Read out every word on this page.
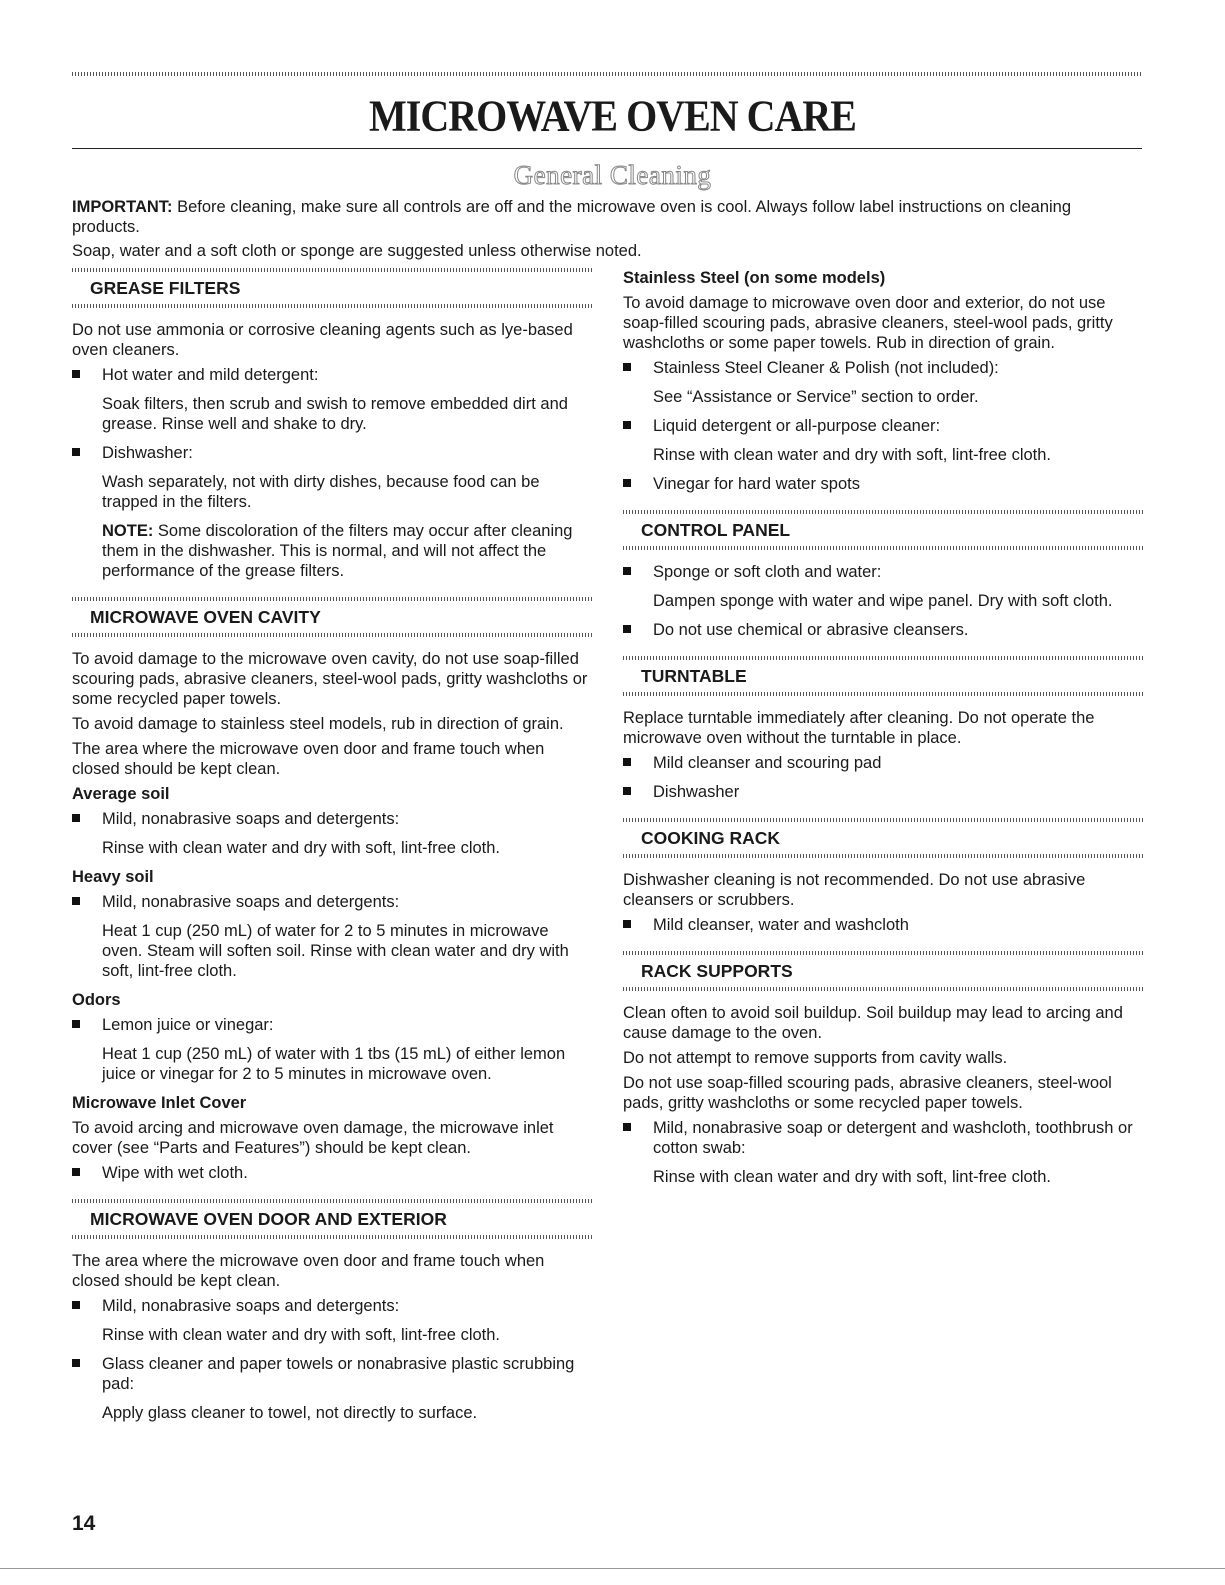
MICROWAVE OVEN CARE
General Cleaning

IMPORTANT: Before cleaning, make sure all controls are off and the microwave oven is cool. Always follow label instructions on cleaning products.

Soap, water and a soft cloth or sponge are suggested unless otherwise noted.

GREASE FILTERS

Do not use ammonia or corrosive cleaning agents such as lye-based oven cleaners.

Hot water and mild detergent:
Soak filters, then scrub and swish to remove embedded dirt and grease. Rinse well and shake to dry.
Dishwasher:
Wash separately, not with dirty dishes, because food can be trapped in the filters.
NOTE: Some discoloration of the filters may occur after cleaning them in the dishwasher. This is normal, and will not affect the performance of the grease filters.
MICROWAVE OVEN CAVITY

To avoid damage to the microwave oven cavity, do not use soap-filled scouring pads, abrasive cleaners, steel-wool pads, gritty washcloths or some recycled paper towels.

To avoid damage to stainless steel models, rub in direction of grain.

The area where the microwave oven door and frame touch when closed should be kept clean.

Average soil
Mild, nonabrasive soaps and detergents:
Rinse with clean water and dry with soft, lint-free cloth.
Heavy soil
Mild, nonabrasive soaps and detergents:
Heat 1 cup (250 mL) of water for 2 to 5 minutes in microwave oven. Steam will soften soil. Rinse with clean water and dry with soft, lint-free cloth.
Odors
Lemon juice or vinegar:
Heat 1 cup (250 mL) of water with 1 tbs (15 mL) of either lemon juice or vinegar for 2 to 5 minutes in microwave oven.
Microwave Inlet Cover

To avoid arcing and microwave oven damage, the microwave inlet cover (see “Parts and Features”) should be kept clean.

Wipe with wet cloth.
MICROWAVE OVEN DOOR AND EXTERIOR

The area where the microwave oven door and frame touch when closed should be kept clean.

Mild, nonabrasive soaps and detergents:
Rinse with clean water and dry with soft, lint-free cloth.
Glass cleaner and paper towels or nonabrasive plastic scrubbing pad:
Apply glass cleaner to towel, not directly to surface.
Stainless Steel (on some models)

To avoid damage to microwave oven door and exterior, do not use soap-filled scouring pads, abrasive cleaners, steel-wool pads, gritty washcloths or some paper towels. Rub in direction of grain.

Stainless Steel Cleaner & Polish (not included):
See “Assistance or Service” section to order.
Liquid detergent or all-purpose cleaner:
Rinse with clean water and dry with soft, lint-free cloth.
Vinegar for hard water spots
CONTROL PANEL
Sponge or soft cloth and water:
Dampen sponge with water and wipe panel. Dry with soft cloth.
Do not use chemical or abrasive cleansers.
TURNTABLE

Replace turntable immediately after cleaning. Do not operate the microwave oven without the turntable in place.

Mild cleanser and scouring pad
Dishwasher
COOKING RACK

Dishwasher cleaning is not recommended. Do not use abrasive cleansers or scrubbers.

Mild cleanser, water and washcloth
RACK SUPPORTS

Clean often to avoid soil buildup. Soil buildup may lead to arcing and cause damage to the oven.

Do not attempt to remove supports from cavity walls.

Do not use soap-filled scouring pads, abrasive cleaners, steel-wool pads, gritty washcloths or some recycled paper towels.

Mild, nonabrasive soap or detergent and washcloth, toothbrush or cotton swab:
Rinse with clean water and dry with soft, lint-free cloth.
14
